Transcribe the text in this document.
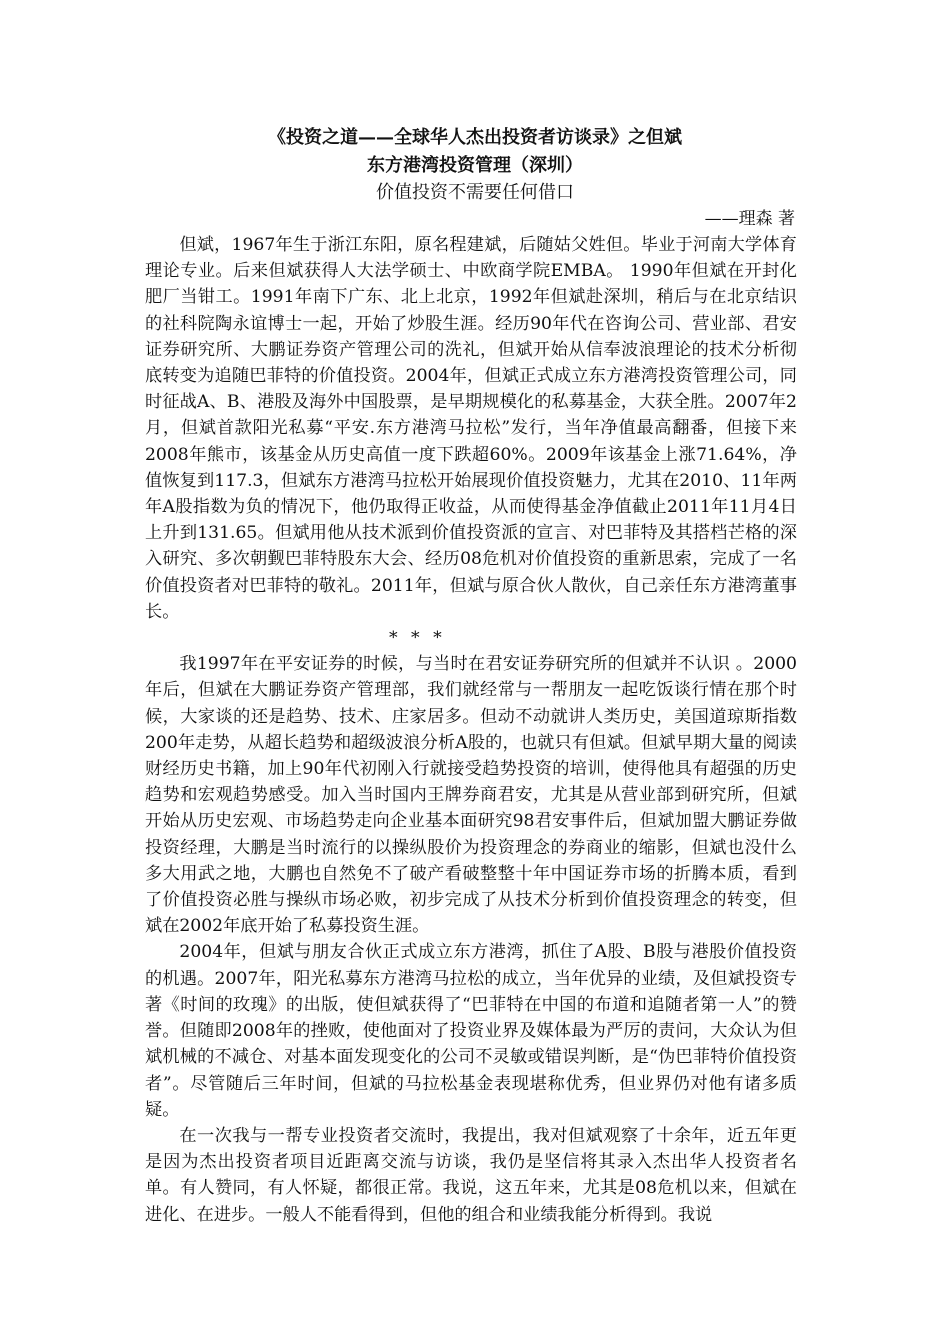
《投资之道——全球华人杰出投资者访谈录》之但斌

东方港湾投资管理（深圳）

价值投资不需要任何借口

——理森 著

但斌，1967年生于浙江东阳，原名程建斌，后随姑父姓但。毕业于河南大学体育理论专业。后来但斌获得人大法学硕士、中欧商学院EMBA。 1990年但斌在开封化肥厂当钳工。1991年南下广东、北上北京，1992年但斌赴深圳，稍后与在北京结识的社科院陶永谊博士一起，开始了炒股生涯。经历90年代在咨询公司、营业部、君安证券研究所、大鹏证券资产管理公司的洗礼，但斌开始从信奉波浪理论的技术分析彻底转变为追随巴菲特的价值投资。2004年，但斌正式成立东方港湾投资管理公司，同时征战A、B、港股及海外中国股票，是早期规模化的私募基金，大获全胜。2007年2月，但斌首款阳光私募“平安.东方港湾马拉松”发行，当年净值最高翻番，但接下来2008年熊市，该基金从历史高值一度下跌超60%。2009年该基金上涨71.64%，净值恢复到117.3，但斌东方港湾马拉松开始展现价值投资魅力，尤其在2010、11年两年A股指数为负的情况下，他仍取得正收益，从而使得基金净值截止2011年11月4日上升到131.65。但斌用他从技术派到价值投资派的宣言、对巴菲特及其搭档芒格的深入研究、多次朝觐巴菲特股东大会、经历08危机对价值投资的重新思索，完成了一名价值投资者对巴菲特的敬礼。2011年，但斌与原合伙人散伙，自己亲任东方港湾董事长。

* * *

我1997年在平安证券的时候，与当时在君安证券研究所的但斌并不认识 。2000年后，但斌在大鹏证券资产管理部，我们就经常与一帮朋友一起吃饭谈行情在那个时候，大家谈的还是趋势、技术、庄家居多。但动不动就讲人类历史，美国道琼斯指数200年走势，从超长趋势和超级波浪分析A股的，也就只有但斌。但斌早期大量的阅读财经历史书籍，加上90年代初刚入行就接受趋势投资的培训，使得他具有超强的历史趋势和宏观趋势感受。加入当时国内王牌券商君安，尤其是从营业部到研究所，但斌开始从历史宏观、市场趋势走向企业基本面研究98君安事件后，但斌加盟大鹏证券做投资经理，大鹏是当时流行的以操纵股价为投资理念的券商业的缩影，但斌也没什么多大用武之地，大鹏也自然免不了破产看破整整十年中国证券市场的折腾本质，看到了价值投资必胜与操纵市场必败，初步完成了从技术分析到价值投资理念的转变，但斌在2002年底开始了私募投资生涯。

2004年，但斌与朋友合伙正式成立东方港湾，抓住了A股、B股与港股价值投资的机遇。2007年，阳光私募东方港湾马拉松的成立，当年优异的业绩，及但斌投资专著《时间的玫瑰》的出版，使但斌获得了“巴菲特在中国的布道和追随者第一人”的赞誉。但随即2008年的挫败，使他面对了投资业界及媒体最为严厉的责问，大众认为但斌机械的不减仓、对基本面发现变化的公司不灵敏或错误判断，是“伪巴菲特价值投资者”。尽管随后三年时间，但斌的马拉松基金表现堪称优秀，但业界仍对他有诸多质疑。

在一次我与一帮专业投资者交流时，我提出，我对但斌观察了十余年，近五年更是因为杰出投资者项目近距离交流与访谈，我仍是坚信将其录入杰出华人投资者名单。有人赞同，有人怀疑，都很正常。我说，这五年来，尤其是08危机以来，但斌在进化、在进步。一般人不能看得到，但他的组合和业绩我能分析得到。我说
